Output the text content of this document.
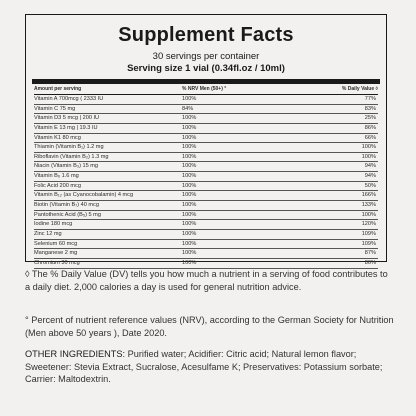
Supplement Facts
30 servings per container
Serving size 1 vial (0.34fl.oz / 10ml)
Amount per serving	% NRV Men (50+) °	% Daily Value ◊
Vitamin A 700mcg ( 2333 IU	100%	77%
Vitamin C 75 mg	84%	83%
Vitamin D3 5 mcg | 200 IU	100%	25%
Vitamin E 13 mg | 19.3 IU	100%	86%
Vitamin K1 80 mcg	100%	66%
Thiamin (Vitamin B₁) 1.2 mg	100%	100%
Riboflavin (Vitamin B₂) 1.3 mg	100%	100%
Niacin (Vitamin B₃) 15 mg	100%	94%
Vitamin B₆ 1.6 mg	100%	94%
Folic Acid 200 mcg	100%	50%
Vitamin B₁₂ (as Cyanocobalamin) 4 mcg	100%	166%
Biotin (Vitamin B₇) 40 mcg	100%	133%
Pantothenic Acid (B₅) 5 mg	100%	100%
Iodine 180 mcg	100%	120%
Zinc 12 mg	100%	109%
Selenium 60 mcg	100%	109%
Manganese 2 mg	100%	87%
Chromium 30 mcg	100%	86%
◊ The % Daily Value (DV) tells you how much a nutrient in a serving of food contributes to a daily diet. 2,000 calories a day is used for general nutrition advice.
° Percent of nutrient reference values (NRV), according to the German Society for Nutrition (Men above 50 years ), Date 2020.
OTHER INGREDIENTS: Purified water; Acidifier: Citric acid; Natural lemon flavor; Sweetener: Stevia Extract, Sucralose, Acesulfame K; Preservatives: Potassium sorbate; Carrier: Maltodextrin.
